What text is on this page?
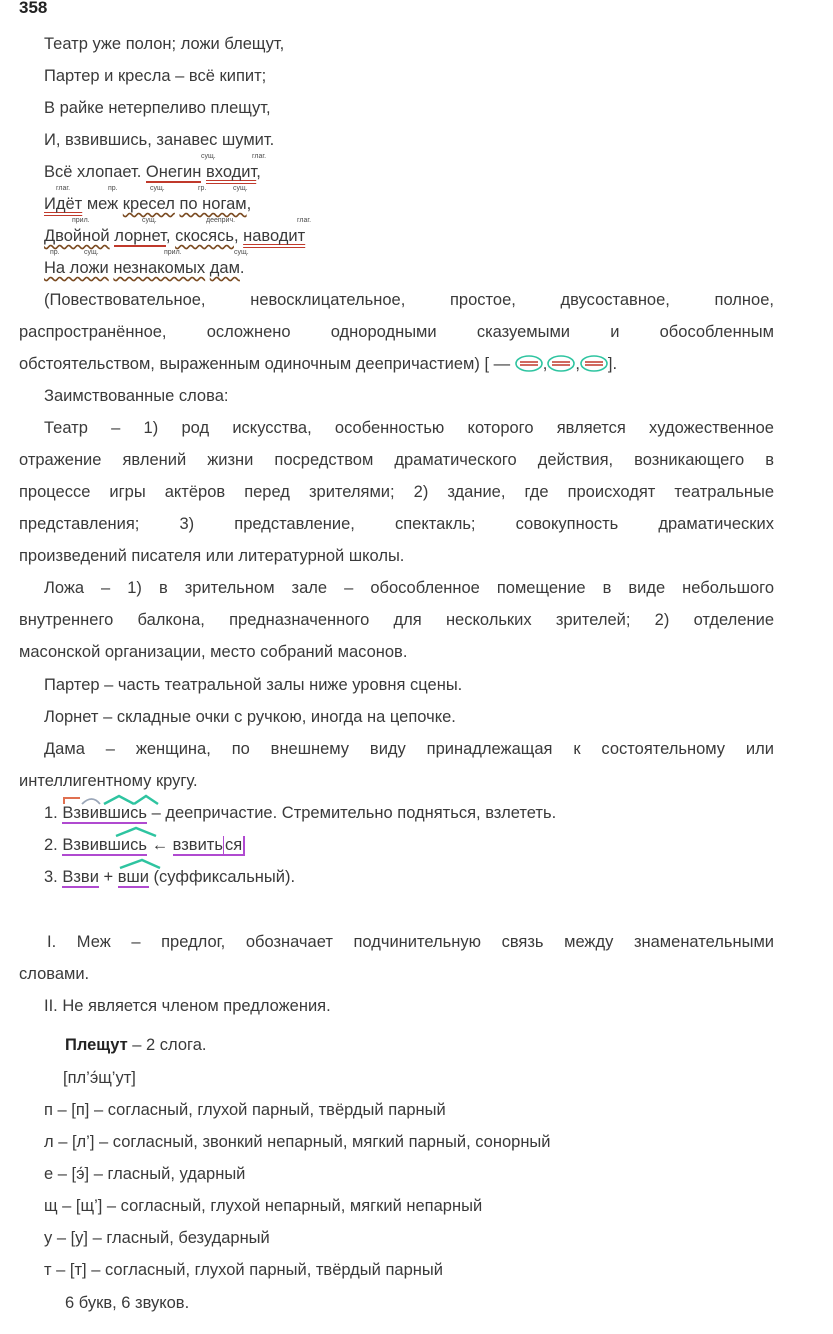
358
Театр уже полон; ложи блещут,
Партер и кресла – всё кипит;
В райке нетерпеливо плещут,
И, взвившись, занавес шумит.
сущ.	глаг.
Всё хлопает. Онегин входит,
глаг.	пр.	сущ.	гр.	сущ.
Идёт меж кресел по ногам,
прил.	сущ.	дееприч.	глаг.
Двойной лорнет, скосясь, наводит
пр.	сущ.	прил.	сущ.
На ложи незнакомых дам.
(Повествовательное, невосклицательное, простое, двусоставное, полное,
распространённое, осложнено однородными сказуемыми и обособленным
обстоятельством, выраженным одиночным деепричастием) [ — , , ].
Заимствованные слова:
Театр – 1) род искусства, особенностью которого является художественное
отражение явлений жизни посредством драматического действия, возникающего в
процессе игры актёров перед зрителями; 2) здание, где происходят театральные
представления; 3) представление, спектакль; совокупность драматических
произведений писателя или литературной школы.
Ложа – 1) в зрительном зале – обособленное помещение в виде небольшого
внутреннего балкона, предназначенного для нескольких зрителей; 2) отделение
масонской организации, место собраний масонов.
Партер – часть театральной залы ниже уровня сцены.
Лорнет – складные очки с ручкою, иногда на цепочке.
Дама – женщина, по внешнему виду принадлежащая к состоятельному или
интеллигентному кругу.
1. Взвившись – деепричастие. Стремительно подняться, взлететь.
2. Взвившись ← взвить ся
3. Взви + вши (суффиксальный).
I. Меж – предлог, обозначает подчинительную связь между знаменательными
словами.
II. Не является членом предложения.
Плещут – 2 слога.
[пл’э́щ’ут]
п – [п] – согласный, глухой парный, твёрдый парный
л – [л’] – согласный, звонкий непарный, мягкий парный, сонорный
е – [э́] – гласный, ударный
щ – [щ’] – согласный, глухой непарный, мягкий непарный
у – [у] – гласный, безударный
т – [т] – согласный, глухой парный, твёрдый парный
6 букв, 6 звуков.
